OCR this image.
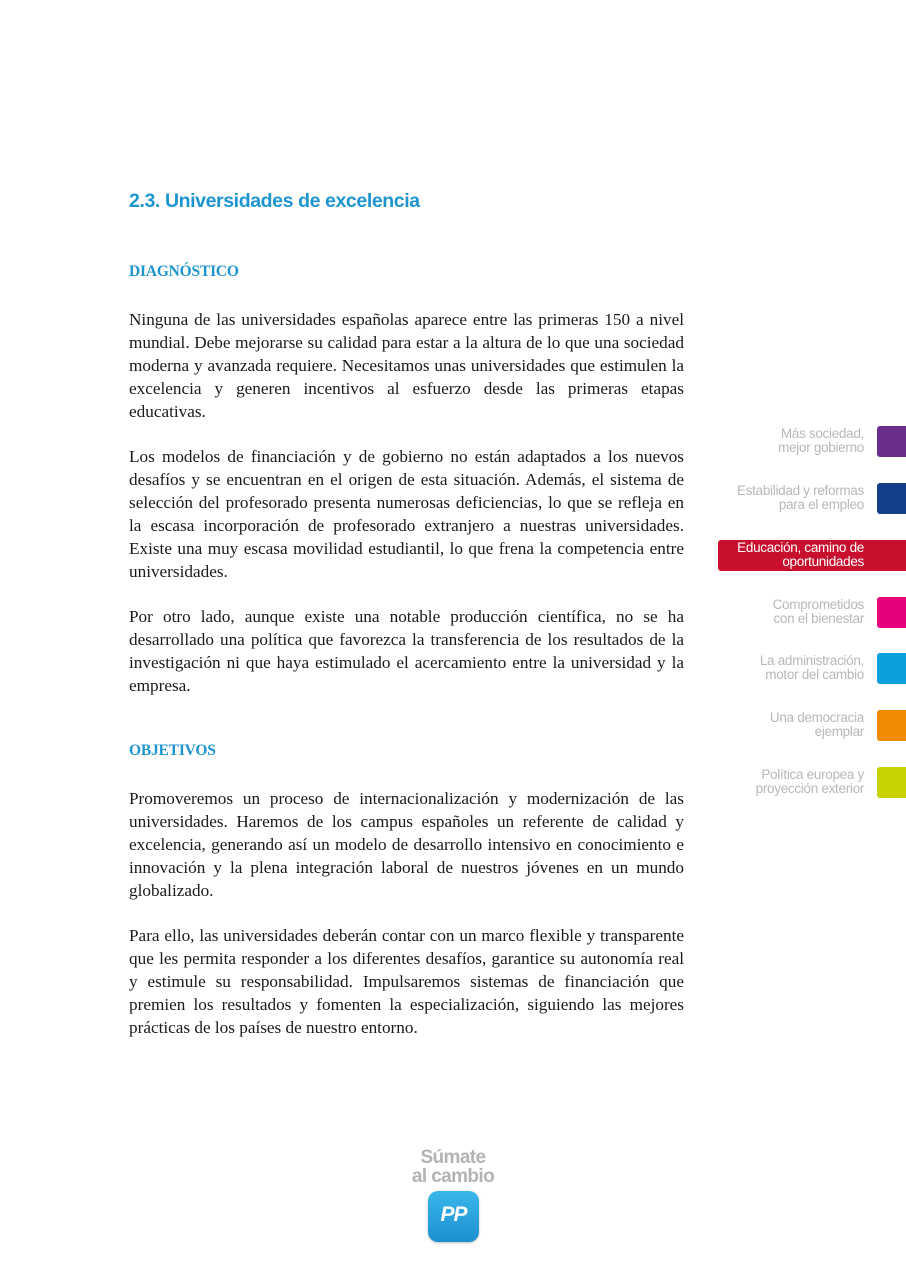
2.3. Universidades de excelencia
DIAGNÓSTICO

Ninguna de las universidades españolas aparece entre las primeras 150 a nivel mundial. Debe mejorarse su calidad para estar a la altura de lo que una sociedad moderna y avanzada requiere. Necesitamos unas universidades que estimulen la excelencia y generen incentivos al esfuerzo desde las primeras etapas educativas.

Los modelos de financiación y de gobierno no están adaptados a los nuevos desafíos y se encuentran en el origen de esta situación. Además, el sistema de selección del profesorado presenta numerosas deficiencias, lo que se refleja en la escasa incorporación de profesorado extranjero a nuestras universidades. Existe una muy escasa movilidad estudiantil, lo que frena la competencia entre universidades.

Por otro lado, aunque existe una notable producción científica, no se ha desarrollado una política que favorezca la transferencia de los resultados de la investigación ni que haya estimulado el acercamiento entre la universidad y la empresa.

OBJETIVOS

Promoveremos un proceso de internacionalización y modernización de las universidades. Haremos de los campus españoles un referente de calidad y excelencia, generando así un modelo de desarrollo intensivo en conocimiento e innovación y la plena integración laboral de nuestros jóvenes en un mundo globalizado.

Para ello, las universidades deberán contar con un marco flexible y transparente que les permita responder a los diferentes desafíos, garantice su autonomía real y estimule su responsabilidad. Impulsaremos sistemas de financiación que premien los resultados y fomenten la especialización, siguiendo las mejores prácticas de los países de nuestro entorno.

Más sociedad,
mejor gobierno
Estabilidad y reformas
para el empleo
Educación, camino de
oportunidades
Comprometidos
con el bienestar
La administración,
motor del cambio
Una democracia
ejemplar
Política europea y
proyección exterior
Súmate
al cambio
PP
